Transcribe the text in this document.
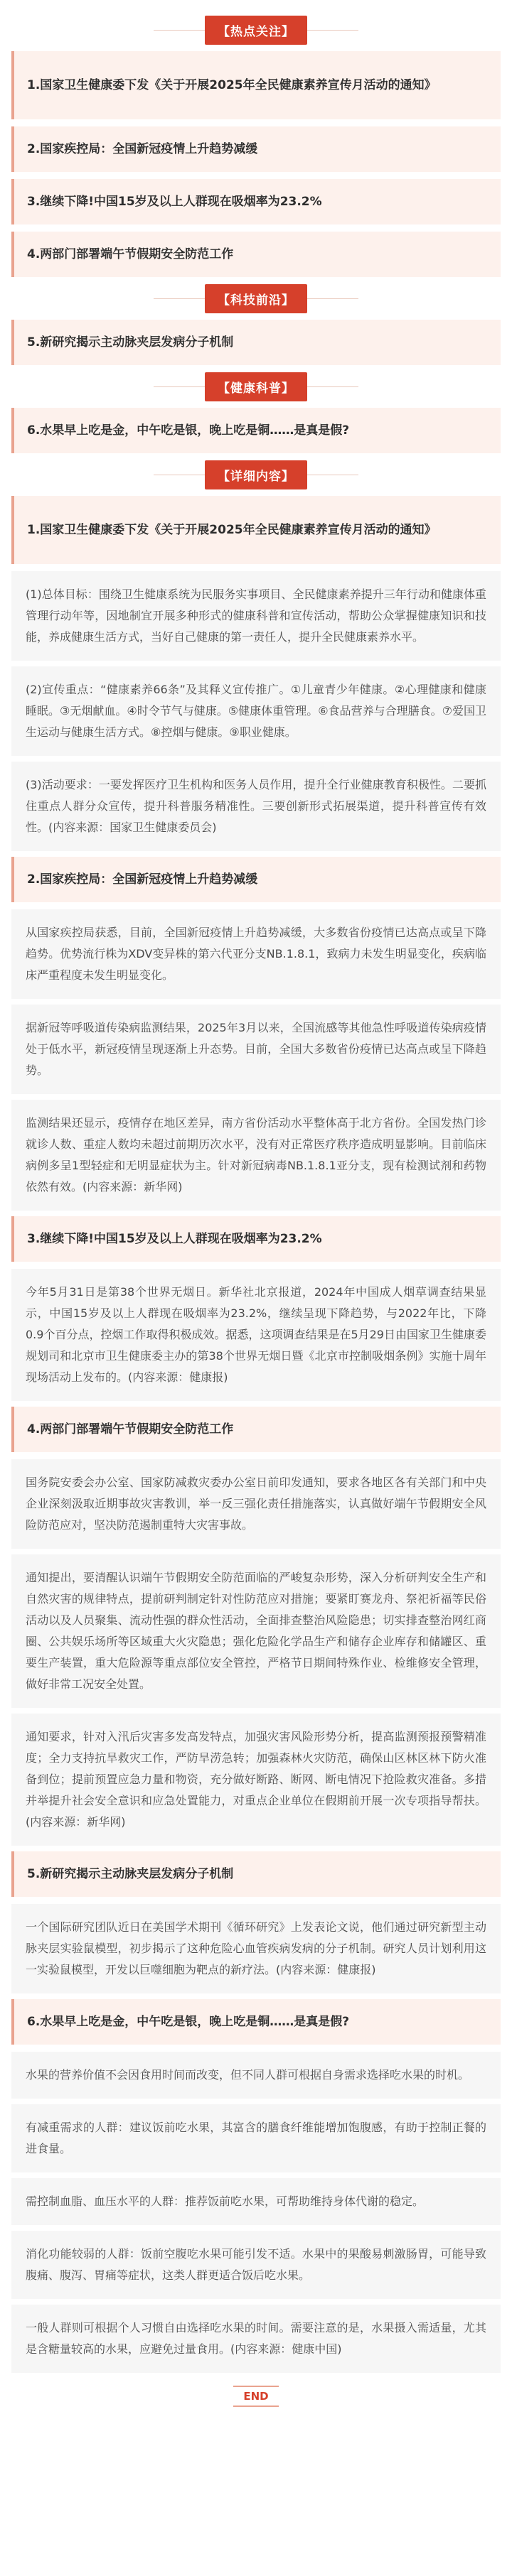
【热点关注】
1.国家卫生健康委下发《关于开展2025年全民健康素养宣传月活动的通知》
2.国家疾控局：全国新冠疫情上升趋势减缓
3.继续下降!中国15岁及以上人群现在吸烟率为23.2%
4.两部门部署端午节假期安全防范工作
【科技前沿】
5.新研究揭示主动脉夹层发病分子机制
【健康科普】
6.水果早上吃是金，中午吃是银，晚上吃是铜……是真是假?
【详细内容】
1.国家卫生健康委下发《关于开展2025年全民健康素养宣传月活动的通知》
(1)总体目标：围绕卫生健康系统为民服务实事项目、全民健康素养提升三年行动和健康体重管理行动年等，因地制宜开展多种形式的健康科普和宣传活动，帮助公众掌握健康知识和技能，养成健康生活方式，当好自己健康的第一责任人，提升全民健康素养水平。
(2)宣传重点：“健康素养66条”及其释义宣传推广。①儿童青少年健康。②心理健康和健康睡眠。③无烟献血。④时令节气与健康。⑤健康体重管理。⑥食品营养与合理膳食。⑦爱国卫生运动与健康生活方式。⑧控烟与健康。⑨职业健康。
(3)活动要求：一要发挥医疗卫生机构和医务人员作用，提升全行业健康教育积极性。二要抓住重点人群分众宣传，提升科普服务精准性。三要创新形式拓展渠道，提升科普宣传有效性。(内容来源：国家卫生健康委员会)
2.国家疾控局：全国新冠疫情上升趋势减缓
从国家疾控局获悉，目前，全国新冠疫情上升趋势减缓，大多数省份疫情已达高点或呈下降趋势。优势流行株为XDV变异株的第六代亚分支NB.1.8.1，致病力未发生明显变化，疾病临床严重程度未发生明显变化。
据新冠等呼吸道传染病监测结果，2025年3月以来，全国流感等其他急性呼吸道传染病疫情处于低水平，新冠疫情呈现逐渐上升态势。目前，全国大多数省份疫情已达高点或呈下降趋势。
监测结果还显示，疫情存在地区差异，南方省份活动水平整体高于北方省份。全国发热门诊就诊人数、重症人数均未超过前期历次水平，没有对正常医疗秩序造成明显影响。目前临床病例多呈1型轻症和无明显症状为主。针对新冠病毒NB.1.8.1亚分支，现有检测试剂和药物依然有效。(内容来源：新华网)
3.继续下降!中国15岁及以上人群现在吸烟率为23.2%
今年5月31日是第38个世界无烟日。新华社北京报道，2024年中国成人烟草调查结果显示，中国15岁及以上人群现在吸烟率为23.2%，继续呈现下降趋势，与2022年比，下降0.9个百分点，控烟工作取得积极成效。据悉，这项调查结果是在5月29日由国家卫生健康委规划司和北京市卫生健康委主办的第38个世界无烟日暨《北京市控制吸烟条例》实施十周年现场活动上发布的。(内容来源：健康报)
4.两部门部署端午节假期安全防范工作
国务院安委会办公室、国家防减救灾委办公室日前印发通知，要求各地区各有关部门和中央企业深刻汲取近期事故灾害教训，举一反三强化责任措施落实，认真做好端午节假期安全风险防范应对，坚决防范遏制重特大灾害事故。
通知提出，要清醒认识端午节假期安全防范面临的严峻复杂形势，深入分析研判安全生产和自然灾害的规律特点，提前研判制定针对性防范应对措施；要紧盯赛龙舟、祭祀祈福等民俗活动以及人员聚集、流动性强的群众性活动，全面排查整治风险隐患；切实排查整治网红商圈、公共娱乐场所等区域重大火灾隐患；强化危险化学品生产和储存企业库存和储罐区、重要生产装置，重大危险源等重点部位安全管控，严格节日期间特殊作业、检维修安全管理，做好非常工况安全处置。
通知要求，针对入汛后灾害多发高发特点，加强灾害风险形势分析，提高监测预报预警精准度；全力支持抗旱救灾工作，严防旱涝急转；加强森林火灾防范，确保山区林区林下防火准备到位；提前预置应急力量和物资，充分做好断路、断网、断电情况下抢险救灾准备。多措并举提升社会安全意识和应急处置能力，对重点企业单位在假期前开展一次专项指导帮扶。(内容来源：新华网)
5.新研究揭示主动脉夹层发病分子机制
一个国际研究团队近日在美国学术期刊《循环研究》上发表论文说，他们通过研究新型主动脉夹层实验鼠模型，初步揭示了这种危险心血管疾病发病的分子机制。研究人员计划利用这一实验鼠模型，开发以巨噬细胞为靶点的新疗法。(内容来源：健康报)
6.水果早上吃是金，中午吃是银，晚上吃是铜……是真是假?
水果的营养价值不会因食用时间而改变，但不同人群可根据自身需求选择吃水果的时机。
有减重需求的人群：建议饭前吃水果，其富含的膳食纤维能增加饱腹感，有助于控制正餐的进食量。
需控制血脂、血压水平的人群：推荐饭前吃水果，可帮助维持身体代谢的稳定。
消化功能较弱的人群：饭前空腹吃水果可能引发不适。水果中的果酸易刺激肠胃，可能导致腹痛、腹泻、胃痛等症状，这类人群更适合饭后吃水果。
一般人群则可根据个人习惯自由选择吃水果的时间。需要注意的是，水果摄入需适量，尤其是含糖量较高的水果，应避免过量食用。(内容来源：健康中国)
END
